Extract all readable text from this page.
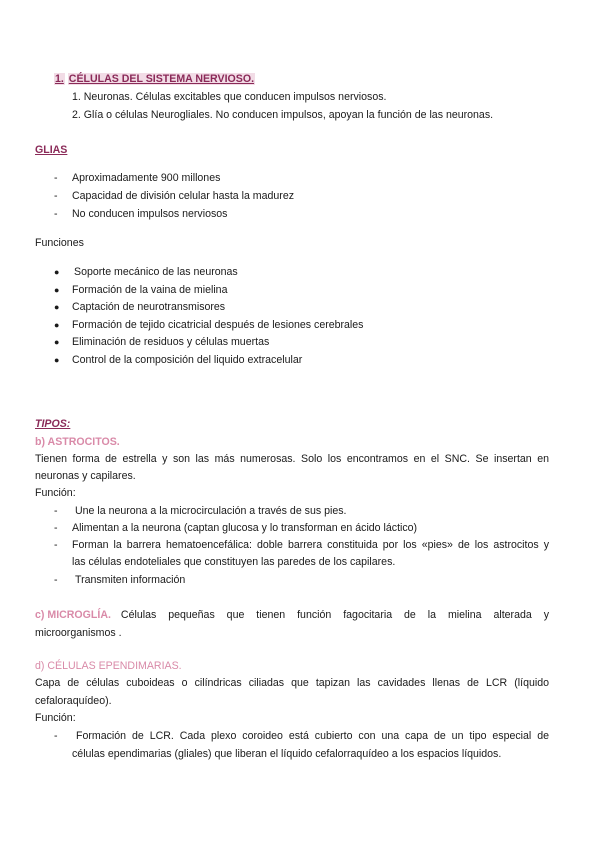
1. CÉLULAS DEL SISTEMA NERVIOSO.
1. Neuronas. Células excitables que conducen impulsos nerviosos.
2. Glía o células Neurogliales. No conducen impulsos, apoyan la función de las neuronas.
GLIAS
- Aproximadamente 900 millones
- Capacidad de división celular hasta la madurez
- No conducen impulsos nerviosos
Funciones
● Soporte mecánico de las neuronas
● Formación de la vaina de mielina
● Captación de neurotransmisores
● Formación de tejido cicatricial después de lesiones cerebrales
● Eliminación de residuos y células muertas
● Control de la composición del liquido extracelular
TIPOS:
b) ASTROCITOS.
Tienen forma de estrella y son las más numerosas. Solo los encontramos en el SNC. Se insertan en
neuronas y capilares.
Función:
- Une la neurona a la microcirculación a través de sus pies.
- Alimentan a la neurona (captan glucosa y lo transforman en ácido láctico)
- Forman la barrera hematoencefálica: doble barrera constituida por los «pies» de los astrocitos y
las células endoteliales que constituyen las paredes de los capilares.
- Transmiten información
c) MICROGLÍA. Células pequeñas que tienen función fagocitaria de la mielina alterada y
microorganismos .
d) CÉLULAS EPENDIMARIAS.
Capa de células cuboideas o cilíndricas ciliadas que tapizan las cavidades llenas de LCR (líquido
cefaloraquídeo).
Función:
- Formación de LCR. Cada plexo coroideo está cubierto con una capa de un tipo especial de
células ependimarias (gliales) que liberan el líquido cefalorraquídeo a los espacios líquidos.
